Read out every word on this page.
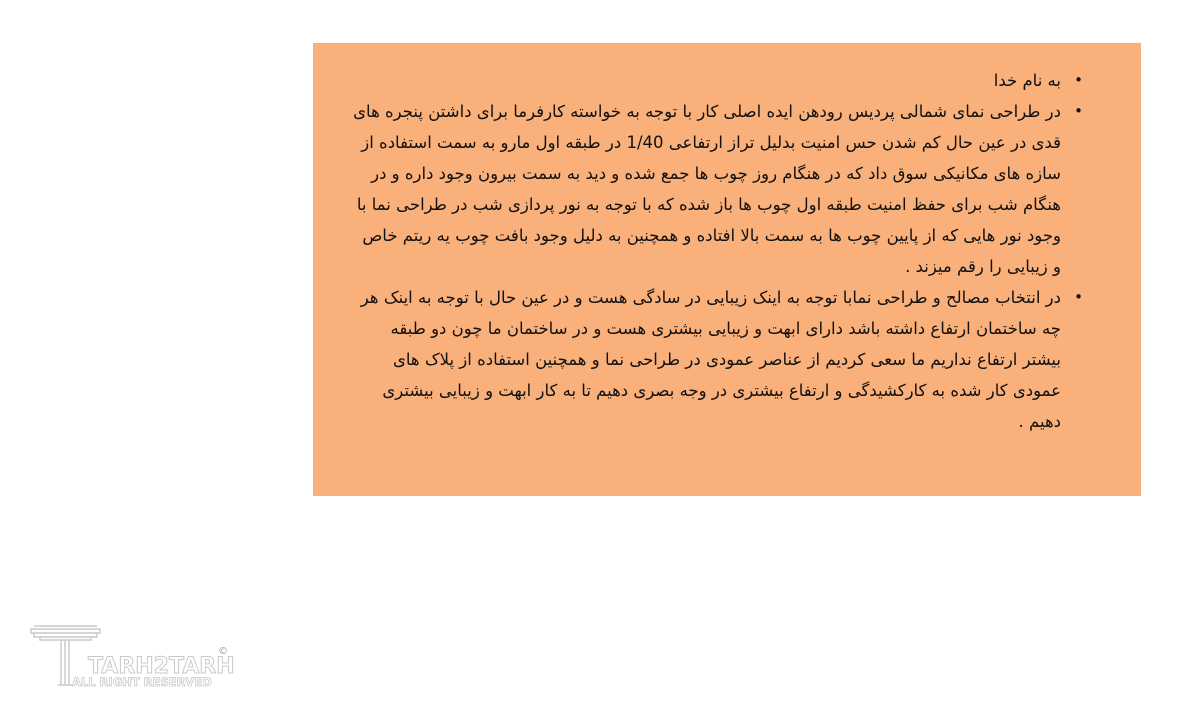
•
به نام خدا
•
در طراحی نمای شمالی پردیس رودهن ایده اصلی کار با توجه به خواسته کارفرما برای داشتن پنجره های قدی در عین حال کم شدن حس امنیت بدلیل تراز ارتفاعی 1/40 در طبقه اول مارو به سمت استفاده از سازه های مکانیکی سوق داد که در هنگام روز چوب ها جمع شده و دید به سمت بیرون وجود داره و در هنگام شب برای حفظ امنیت طبقه اول چوب ها باز شده که با توجه به نور پردازی شب در طراحی نما با وجود نور هایی که از پایین چوب ها به سمت بالا افتاده و همچنین به دلیل وجود بافت چوب یه ریتم خاص و زیبایی را رقم میزند .
•
در انتخاب مصالح و طراحی نمابا توجه به اینک زیبایی در سادگی هست و در عین حال با توجه به اینک هر چه ساختمان ارتفاع داشته باشد دارای ابهت و زیبایی بیشتری هست و در ساختمان ما چون دو طبقه بیشتر ارتفاع نداریم ما سعی کردیم از عناصر عمودی در طراحی نما و همچنین استفاده از پلاک های عمودی کار شده به کارکشیدگی و ارتفاع بیشتری در وجه بصری دهیم تا به کار ابهت و زیبایی بیشتری دهیم .
TARH2TARH
ALL RIGHT RESERVED
©
